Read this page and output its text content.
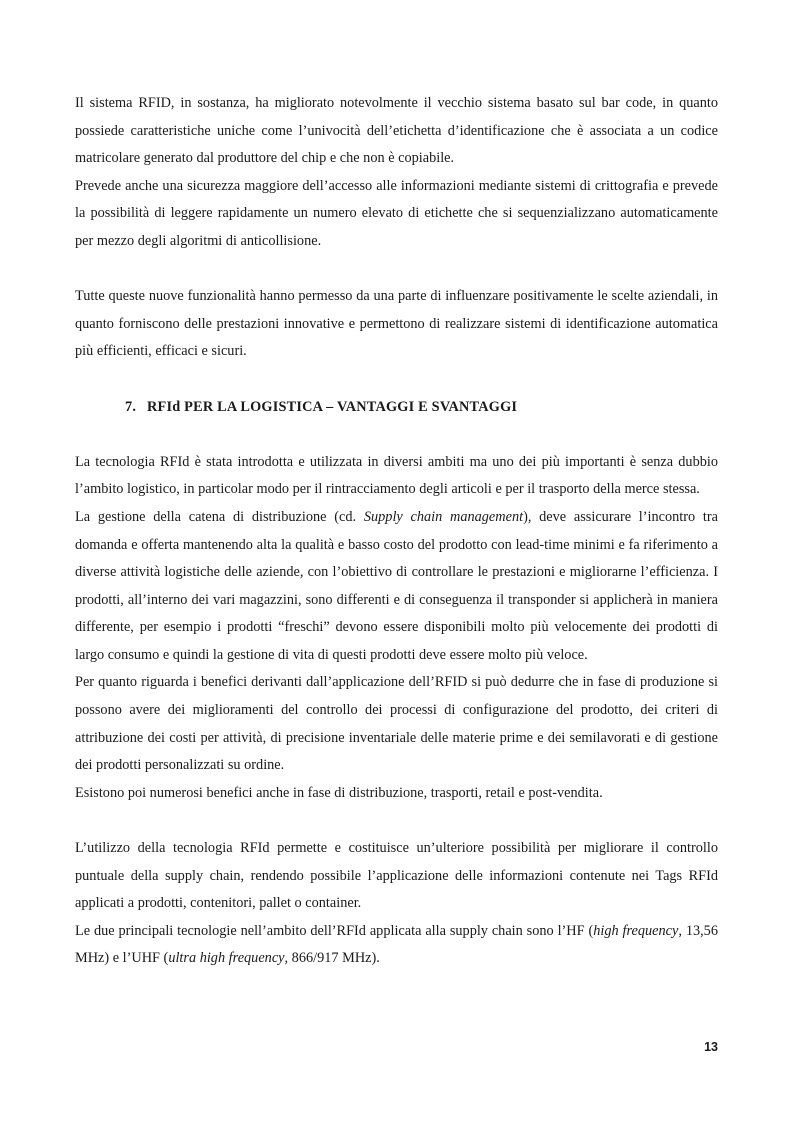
Il sistema RFID, in sostanza, ha migliorato notevolmente il vecchio sistema basato sul bar code, in quanto possiede caratteristiche uniche come l’univocità dell’etichetta d’identificazione che è associata a un codice matricolare generato dal produttore del chip e che non è copiabile.

Prevede anche una sicurezza maggiore dell’accesso alle informazioni mediante sistemi di crittografia e prevede la possibilità di leggere rapidamente un numero elevato di etichette che si sequenzializzano automaticamente per mezzo degli algoritmi di anticollisione.

Tutte queste nuove funzionalità hanno permesso da una parte di influenzare positivamente le scelte aziendali, in quanto forniscono delle prestazioni innovative e permettono di realizzare sistemi di identificazione automatica più efficienti, efficaci e sicuri.

7. RFId PER LA LOGISTICA – VANTAGGI E SVANTAGGI

La tecnologia RFId è stata introdotta e utilizzata in diversi ambiti ma uno dei più importanti è senza dubbio l’ambito logistico, in particolar modo per il rintracciamento degli articoli e per il trasporto della merce stessa.

La gestione della catena di distribuzione (cd. Supply chain management), deve assicurare l’incontro tra domanda e offerta mantenendo alta la qualità e basso costo del prodotto con lead-time minimi e fa riferimento a diverse attività logistiche delle aziende, con l’obiettivo di controllare le prestazioni e migliorarne l’efficienza. I prodotti, all’interno dei vari magazzini, sono differenti e di conseguenza il transponder si applicherà in maniera differente, per esempio i prodotti “freschi” devono essere disponibili molto più velocemente dei prodotti di largo consumo e quindi la gestione di vita di questi prodotti deve essere molto più veloce.

Per quanto riguarda i benefici derivanti dall’applicazione dell’RFID si può dedurre che in fase di produzione si possono avere dei miglioramenti del controllo dei processi di configurazione del prodotto, dei criteri di attribuzione dei costi per attività, di precisione inventariale delle materie prime e dei semilavorati e di gestione dei prodotti personalizzati su ordine.

Esistono poi numerosi benefici anche in fase di distribuzione, trasporti, retail e post-vendita.

L’utilizzo della tecnologia RFId permette e costituisce un’ulteriore possibilità per migliorare il controllo puntuale della supply chain, rendendo possibile l’applicazione delle informazioni contenute nei Tags RFId applicati a prodotti, contenitori, pallet o container.

Le due principali tecnologie nell’ambito dell’RFId applicata alla supply chain sono l’HF (high frequency, 13,56 MHz) e l’UHF (ultra high frequency, 866/917 MHz).

13
